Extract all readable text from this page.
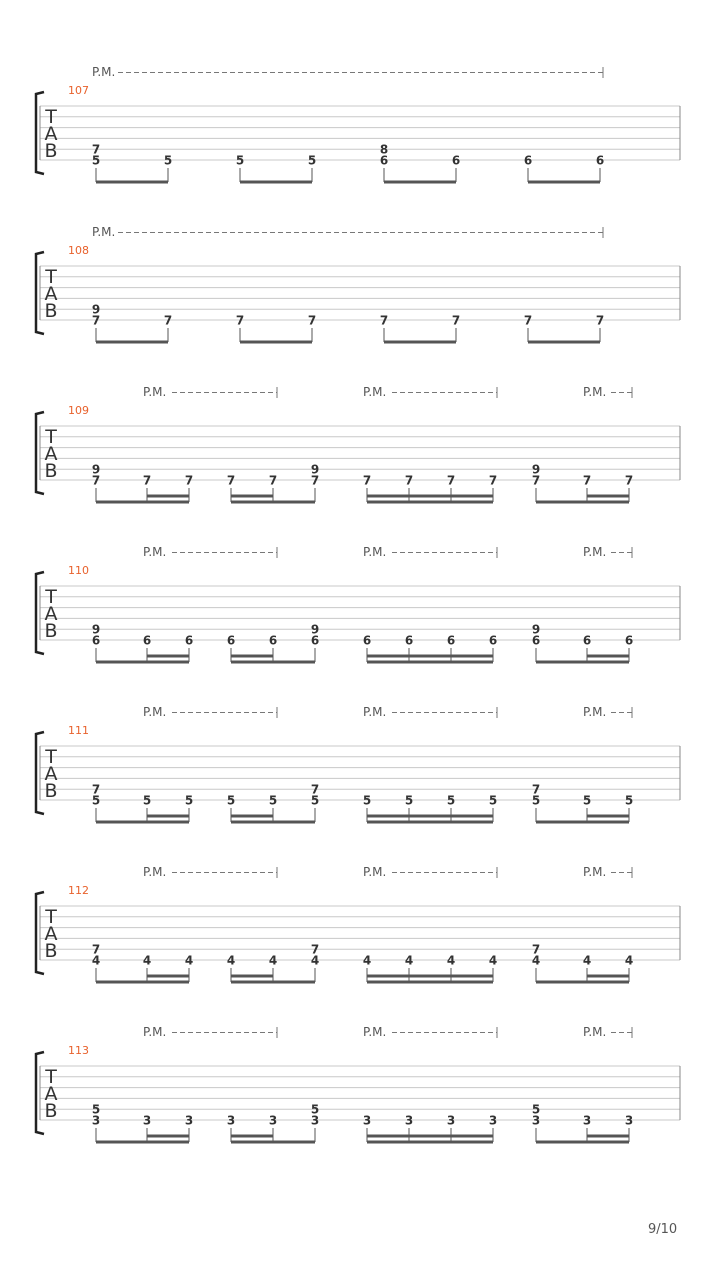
T
A
B
107
P.M.
7
5	5	5	5
8
6	6	6	6
T
A
B
108
P.M.
9
7	7	7	7	7	7	7	7
T
A
B
109
P.M.	P.M.	P.M.
9
7	7	7	7	7
9
7	7	7	7	7
9
7	7	7
T
A
B
110
P.M.	P.M.	P.M.
9
6	6	6	6	6
9
6	6	6	6	6
9
6	6	6
T
A
B
111
P.M.	P.M.	P.M.
7
5	5	5	5	5
7
5	5	5	5	5
7
5	5	5
T
A
B
112
P.M.	P.M.	P.M.
7
4	4	4	4	4
7
4	4	4	4	4
7
4	4	4
T
A
B
113
P.M.	P.M.	P.M.
5
3	3	3	3	3
5
3	3	3	3	3
5
3	3	3
9/10
